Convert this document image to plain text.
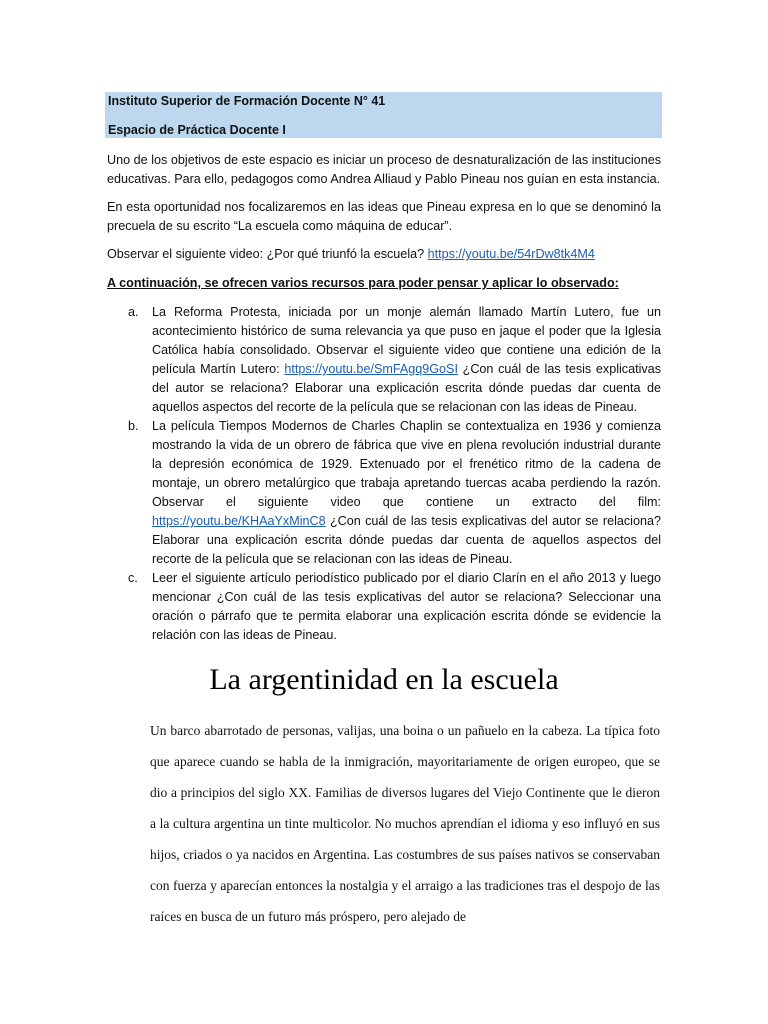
Instituto Superior de Formación Docente N° 41
Espacio de Práctica Docente I

Uno de los objetivos de este espacio es iniciar un proceso de desnaturalización de las instituciones educativas. Para ello, pedagogos como Andrea Alliaud y Pablo Pineau nos guían en esta instancia.

En esta oportunidad nos focalizaremos en las ideas que Pineau expresa en lo que se denominó la precuela de su escrito “La escuela como máquina de educar”.

Observar el siguiente video: ¿Por qué triunfó la escuela? https://youtu.be/54rDw8tk4M4

A continuación, se ofrecen varios recursos para poder pensar y aplicar lo observado:
a. La Reforma Protesta, iniciada por un monje alemán llamado Martín Lutero, fue un acontecimiento histórico de suma relevancia ya que puso en jaque el poder que la Iglesia Católica había consolidado. Observar el siguiente video que contiene una edición de la película Martín Lutero: https://youtu.be/SmFAgq9GoSI ¿Con cuál de las tesis explicativas del autor se relaciona? Elaborar una explicación escrita dónde puedas dar cuenta de aquellos aspectos del recorte de la película que se relacionan con las ideas de Pineau.
b. La película Tiempos Modernos de Charles Chaplin se contextualiza en 1936 y comienza mostrando la vida de un obrero de fábrica que vive en plena revolución industrial durante la depresión económica de 1929. Extenuado por el frenético ritmo de la cadena de montaje, un obrero metalúrgico que trabaja apretando tuercas acaba perdiendo la razón. Observar el siguiente video que contiene un extracto del film: https://youtu.be/KHAaYxMinC8 ¿Con cuál de las tesis explicativas del autor se relaciona? Elaborar una explicación escrita dónde puedas dar cuenta de aquellos aspectos del recorte de la película que se relacionan con las ideas de Pineau.
c. Leer el siguiente artículo periodístico publicado por el diario Clarín en el año 2013 y luego mencionar ¿Con cuál de las tesis explicativas del autor se relaciona? Seleccionar una oración o párrafo que te permita elaborar una explicación escrita dónde se evidencie la relación con las ideas de Pineau.
La argentinidad en la escuela

Un barco abarrotado de personas, valijas, una boina o un pañuelo en la cabeza. La típica foto que aparece cuando se habla de la inmigración, mayoritariamente de origen europeo, que se dio a principios del siglo XX. Familias de diversos lugares del Viejo Continente que le dieron a la cultura argentina un tinte multicolor. No muchos aprendían el idioma y eso influyó en sus hijos, criados o ya nacidos en Argentina. Las costumbres de sus países nativos se conservaban con fuerza y aparecían entonces la nostalgia y el arraigo a las tradiciones tras el despojo de las raíces en busca de un futuro más próspero, pero alejado de
